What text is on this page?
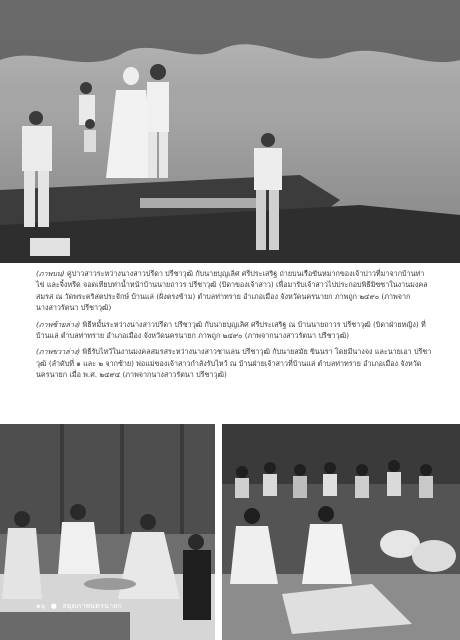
(ภาพบน) คู่บ่าวสาวระหว่างนางสาวปรีดา ปรีชาวุฒิ กับนายบุญเลิศ ศรีประเสริฐ ถ่ายบนเรือขันหมากของเจ้าบ่าวที่มาจากบ้านท่าไข่ และจิ้งหรีด จอดเทียบท่าน้ำหน้าบ้านนายถาวร ปรีชาวุฒิ (บิดาของเจ้าสาว) เพื่อมารับเจ้าสาวไปประกอบพิธีมิซซาในงานมงคลสมรส ณ วัดพระคริสตประจักษ์ บ้านแล่ (ฝั่งตรงข้าม) ตำบลท่าทราย อำเภอเมือง จังหวัดนครนายก ภาพถูก ๒๔๙๐ (ภาพจากนางสาวรัตนา ปรีชาวุฒิ)

(ภาพซ้ายล่าง) พิธีหมั้นระหว่างนางสาวปรีดา ปรีชาวุฒิ กับนายบุญเลิศ ศรีประเสริฐ ณ บ้านนายถาวร ปรีชาวุฒิ (บิดาฝ่ายหญิง) ที่บ้านแล่ ตำบลท่าทราย อำเภอเมือง จังหวัดนครนายก ภาพถูก ๒๔๙๐ (ภาพจากนางสาวรัตนา ปรีชาวุฒิ)

(ภาพขวาล่าง) พิธีรับไหว้ในงานมงคลสมรสระหว่างนางสาวชาแลน ปรีชาวุฒิ กับนายสมัย ขินนรา โดยมีนางจง และนายเอา ปรีชาวุฒิ (ลำดับที่ ๑ และ ๒ จากซ้าย) พ่อแม่ของเจ้าสาวกำลังรับไหว้ ณ บ้านฝ่ายเจ้าสาวที่บ้านแล่ ตำบลท่าทราย อำเภอเมือง จังหวัดนครนายก เมื่อ พ.ศ. ๒๔๙๔ (ภาพจากนางสาวรัตนา ปรีชาวุฒิ)

๑๖ ● สมุดภาพนครนายก
